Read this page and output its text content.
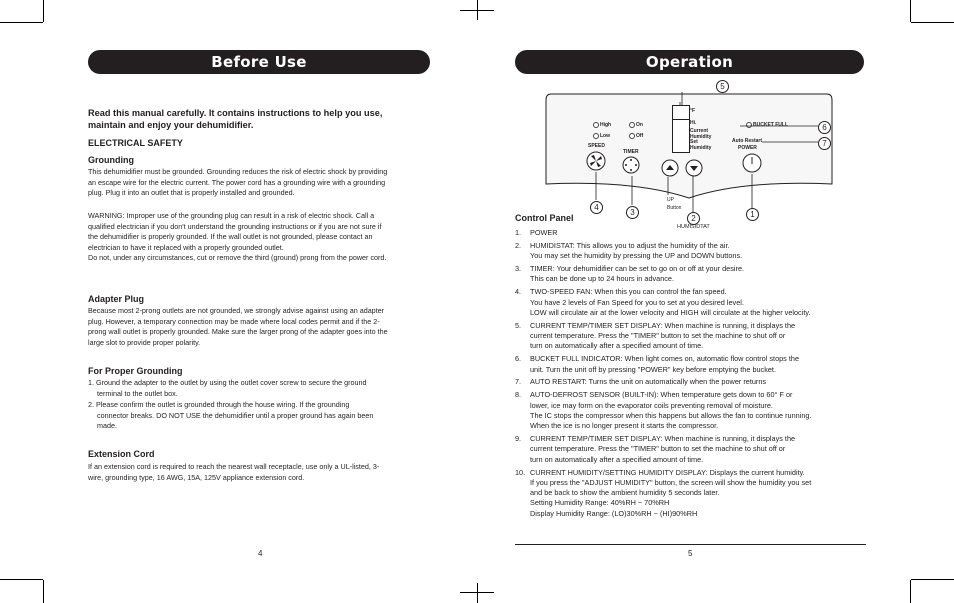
Before Use
Read this manual carefully. It contains instructions to help you use, maintain and enjoy your dehumidifier.
ELECTRICAL SAFETY
Grounding
This dehumidifier must be grounded. Grounding reduces the risk of electric shock by providing an escape wire for the electric current. The power cord has a grounding wire with a grounding plug. Plug it into an outlet that is properly installed and grounded.
WARNING: Improper use of the grounding plug can result in a risk of electric shock. Call a qualified electrician if you don't understand the grounding instructions or if you are not sure if the dehumidifier is properly grounded. If the wall outlet is not grounded, please contact an electrician to have it replaced with a properly grounded outlet.
Do not, under any circumstances, cut or remove the third (ground) prong from the power cord.
Adapter Plug
Because most 2-prong outlets are not grounded, we strongly advise against using an adapter plug. However, a temporary connection may be made where local codes permit and if the 2-prong wall outlet is properly grounded. Make sure the larger prong of the adapter goes into the large slot to provide proper polarity.
For Proper Grounding
1. Ground the adapter to the outlet by using the outlet cover screw to secure the ground terminal to the outlet box.
2. Please confirm the outlet is grounded through the house wiring. If the grounding connector breaks. DO NOT USE the dehumidifier until a proper ground has again been made.
Extension Cord
If an extension cord is required to reach the nearest wall receptacle, use only a UL-listed, 3-wire, grounding type, 16 AWG, 15A, 125V appliance extension cord.
4
Operation
High
Low
SPEED
On
Off
TIMER
°F
Hi.
Current
Humidity
Set
Humidity
UP
Button
BUCKET FULL
Auto Restart
POWER
5
6
7
4
3
2	1
HUMISIDTAT
Control Panel
1. POWER
2. HUMIDISTAT: This allows you to adjust the humidity of the air.
You may set the humidity by pressing the UP and DOWN buttons.
3. TIMER: Your dehumidifier can be set to go on or off at your desire.
This can be done up to 24 hours in advance.
4. TWO-SPEED FAN: When this you can control the fan speed.
You have 2 levels of Fan Speed for you to set at you desired level.
LOW will circulate air at the lower velocity and HIGH will circulate at the higher velocity.
5. CURRENT TEMP/TIMER SET DISPLAY: When machine is running, it displays the
current temperature. Press the "TIMER" button to set the machine to shut off or
turn on automatically after a specified amount of time.
6. BUCKET FULL INDICATOR: When light comes on, automatic flow control stops the
unit. Turn the unit off by pressing "POWER" key before emptying the bucket.
7. AUTO RESTART: Turns the unit on automatically when the power returns
8. AUTO-DEFROST SENSOR (BUILT-IN): When temperature gets down to 60° F or
lower, ice may form on the evaporator coils preventing removal of moisture.
The IC stops the compressor when this happens but allows the fan to continue running.
When the ice is no longer present it starts the compressor.
9. CURRENT TEMP/TIMER SET DISPLAY: When machine is running, it displays the
current temperature. Press the "TIMER" button to set the machine to shut off or
turn on automatically after a specified amount of time.
10. CURRENT HUMIDITY/SETTING HUMIDITY DISPLAY: Displays the current humidity.
If you press the "ADJUST HUMIDITY" button, the screen will show the humidity you set
and be back to show the ambient humidity 5 seconds later.
Setting Humidity Range: 40%RH ~ 70%RH
Display Humidity Range: (LO)30%RH ~ (HI)90%RH
5
